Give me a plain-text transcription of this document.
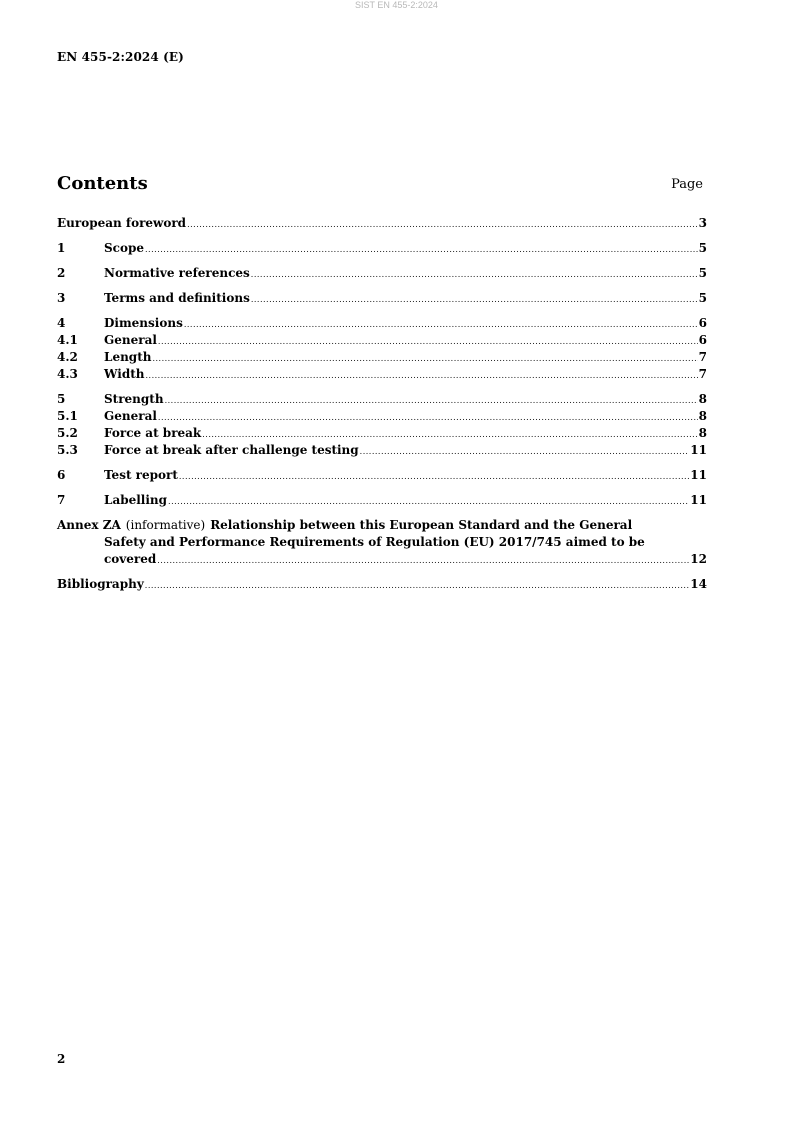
SIST EN 455-2:2024
EN 455-2:2024 (E)
Contents	Page
European foreword .....	3
1	Scope .....	5
2	Normative references .....	5
3	Terms and definitions .....	5
4	Dimensions .....	6
4.1	General .....	6
4.2	Length .....	7
4.3	Width .....	7
5	Strength .....	8
5.1	General .....	8
5.2	Force at break .....	8
5.3	Force at break after challenge testing .....	11
6	Test report .....	11
7	Labelling .....	11
Annex ZA (informative) Relationship between this European Standard and the General
Safety and Performance Requirements of Regulation (EU) 2017/745 aimed to be
covered .....	12
Bibliography .....	14
2
